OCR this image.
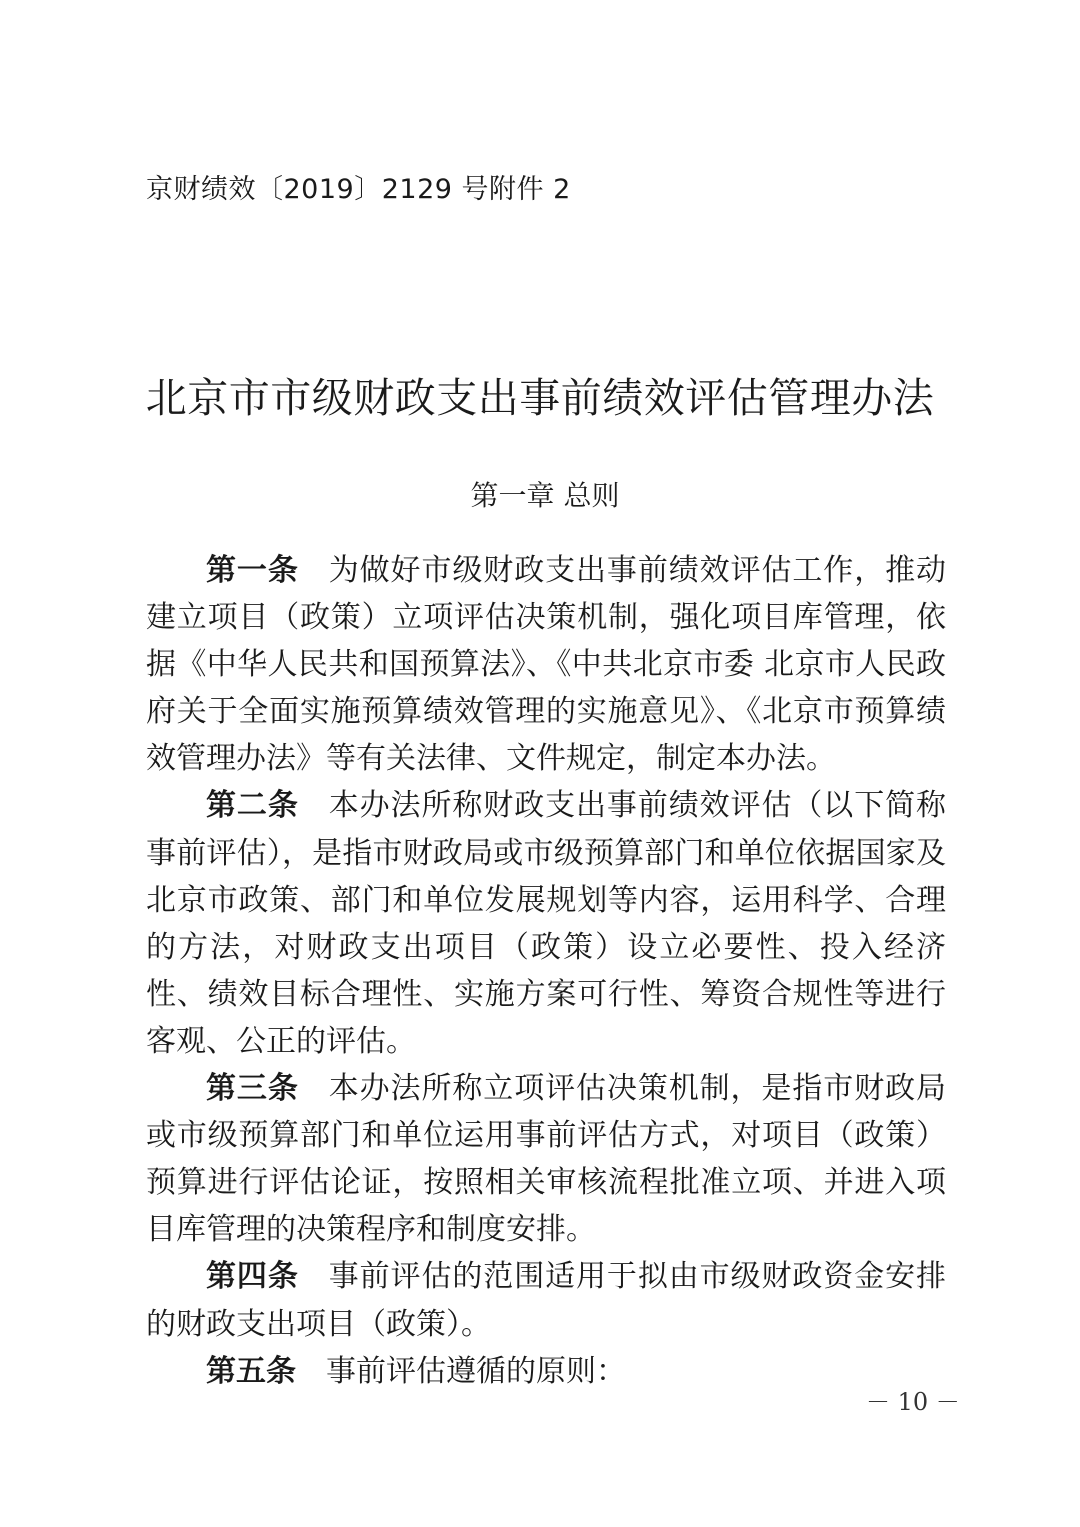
京财绩效〔2019〕2129 号附件 2
北京市市级财政支出事前绩效评估管理办法
第一章 总则

第一条 为做好市级财政支出事前绩效评估工作，推动建立项目（政策）立项评估决策机制，强化项目库管理，依据《中华人民共和国预算法》、《中共北京市委 北京市人民政府关于全面实施预算绩效管理的实施意见》、《北京市预算绩效管理办法》等有关法律、文件规定，制定本办法。

第二条 本办法所称财政支出事前绩效评估（以下简称事前评估），是指市财政局或市级预算部门和单位依据国家及北京市政策、部门和单位发展规划等内容，运用科学、合理的方法，对财政支出项目（政策）设立必要性、投入经济性、绩效目标合理性、实施方案可行性、筹资合规性等进行客观、公正的评估。

第三条 本办法所称立项评估决策机制，是指市财政局或市级预算部门和单位运用事前评估方式，对项目（政策）预算进行评估论证，按照相关审核流程批准立项、并进入项目库管理的决策程序和制度安排。

第四条 事前评估的范围适用于拟由市级财政资金安排的财政支出项目（政策）。

第五条 事前评估遵循的原则：

－ 10 －
